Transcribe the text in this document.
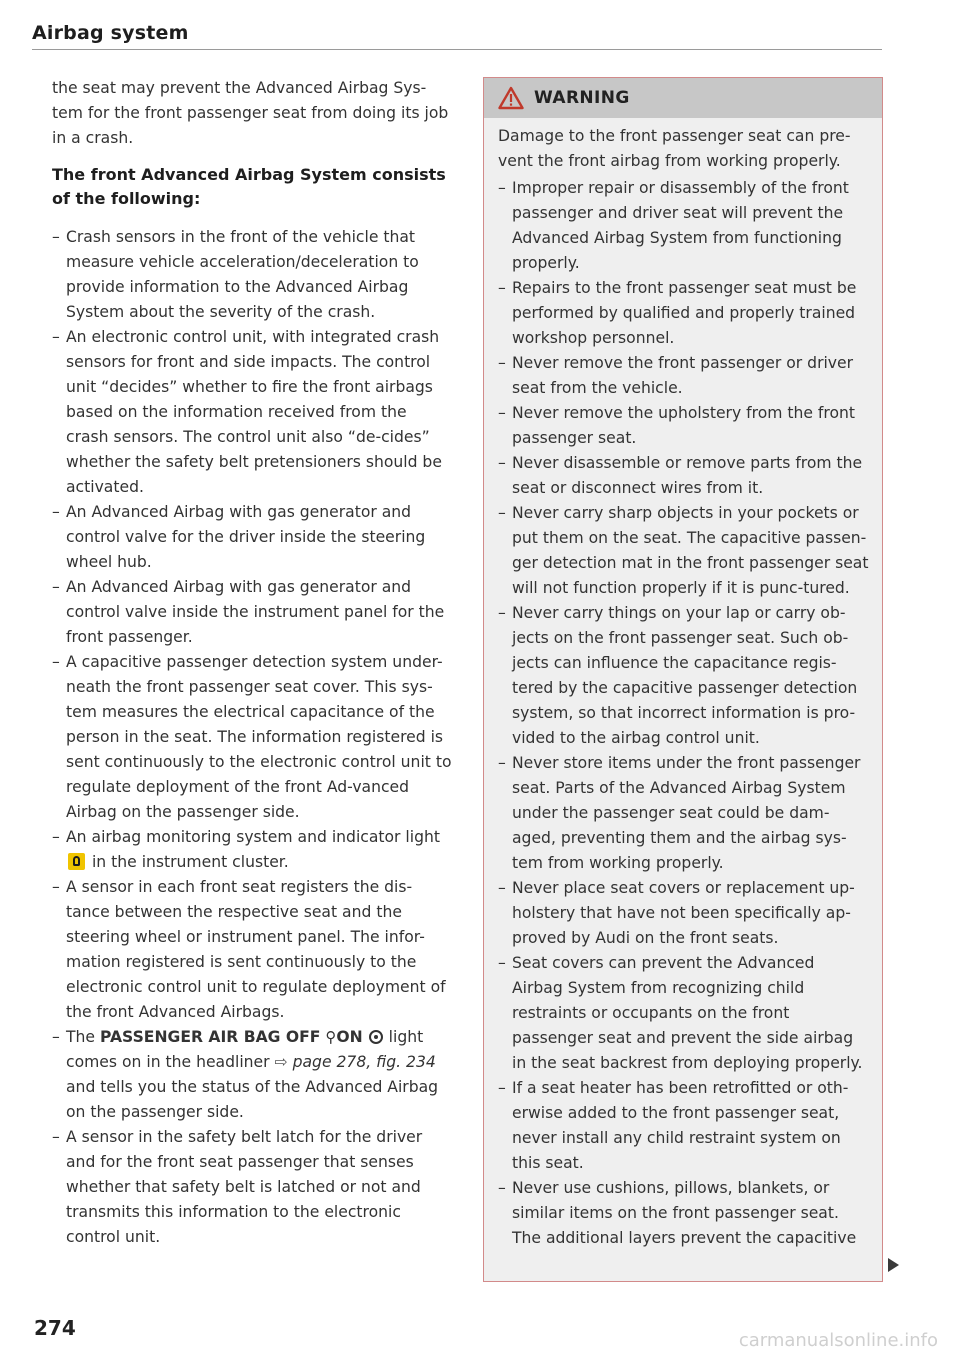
Airbag system

the seat may prevent the Advanced Airbag Sys-tem for the front passenger seat from doing its job in a crash.

The front Advanced Airbag System consists of the following:
– Crash sensors in the front of the vehicle that measure vehicle acceleration/deceleration to provide information to the Advanced Airbag System about the severity of the crash.
– An electronic control unit, with integrated crash sensors for front and side impacts. The control unit “decides” whether to fire the front airbags based on the information received from the crash sensors. The control unit also “de-cides” whether the safety belt pretensioners should be activated.
– An Advanced Airbag with gas generator and control valve for the driver inside the steering wheel hub.
– An Advanced Airbag with gas generator and control valve inside the instrument panel for the front passenger.
– A capacitive passenger detection system under-neath the front passenger seat cover. This sys-tem measures the electrical capacitance of the person in the seat. The information registered is sent continuously to the electronic control unit to regulate deployment of the front Ad-vanced Airbag on the passenger side.
– An airbag monitoring system and indicator light  in the instrument cluster.
– A sensor in each front seat registers the dis-tance between the respective seat and the steering wheel or instrument panel. The infor-mation registered is sent continuously to the electronic control unit to regulate deployment of the front Advanced Airbags.
– The PASSENGER AIR BAG OFF ⚲ON light comes on in the headliner ⇨ page 278, fig. 234 and tells you the status of the Advanced Airbag on the passenger side.
– A sensor in the safety belt latch for the driver and for the front seat passenger that senses whether that safety belt is latched or not and transmits this information to the electronic control unit.
WARNING

Damage to the front passenger seat can pre-vent the front airbag from working properly.

– Improper repair or disassembly of the front passenger and driver seat will prevent the Advanced Airbag System from functioning properly.
– Repairs to the front passenger seat must be performed by qualified and properly trained workshop personnel.
– Never remove the front passenger or driver seat from the vehicle.
– Never remove the upholstery from the front passenger seat.
– Never disassemble or remove parts from the seat or disconnect wires from it.
– Never carry sharp objects in your pockets or put them on the seat. The capacitive passen-ger detection mat in the front passenger seat will not function properly if it is punc-tured.
– Never carry things on your lap or carry ob-jects on the front passenger seat. Such ob-jects can influence the capacitance regis-tered by the capacitive passenger detection system, so that incorrect information is pro-vided to the airbag control unit.
– Never store items under the front passenger seat. Parts of the Advanced Airbag System under the passenger seat could be dam-aged, preventing them and the airbag sys-tem from working properly.
– Never place seat covers or replacement up-holstery that have not been specifically ap-proved by Audi on the front seats.
– Seat covers can prevent the Advanced Airbag System from recognizing child restraints or occupants on the front passenger seat and prevent the side airbag in the seat backrest from deploying properly.
– If a seat heater has been retrofitted or oth-erwise added to the front passenger seat, never install any child restraint system on this seat.
– Never use cushions, pillows, blankets, or similar items on the front passenger seat. The additional layers prevent the capacitive
274
carmanualsonline.info
